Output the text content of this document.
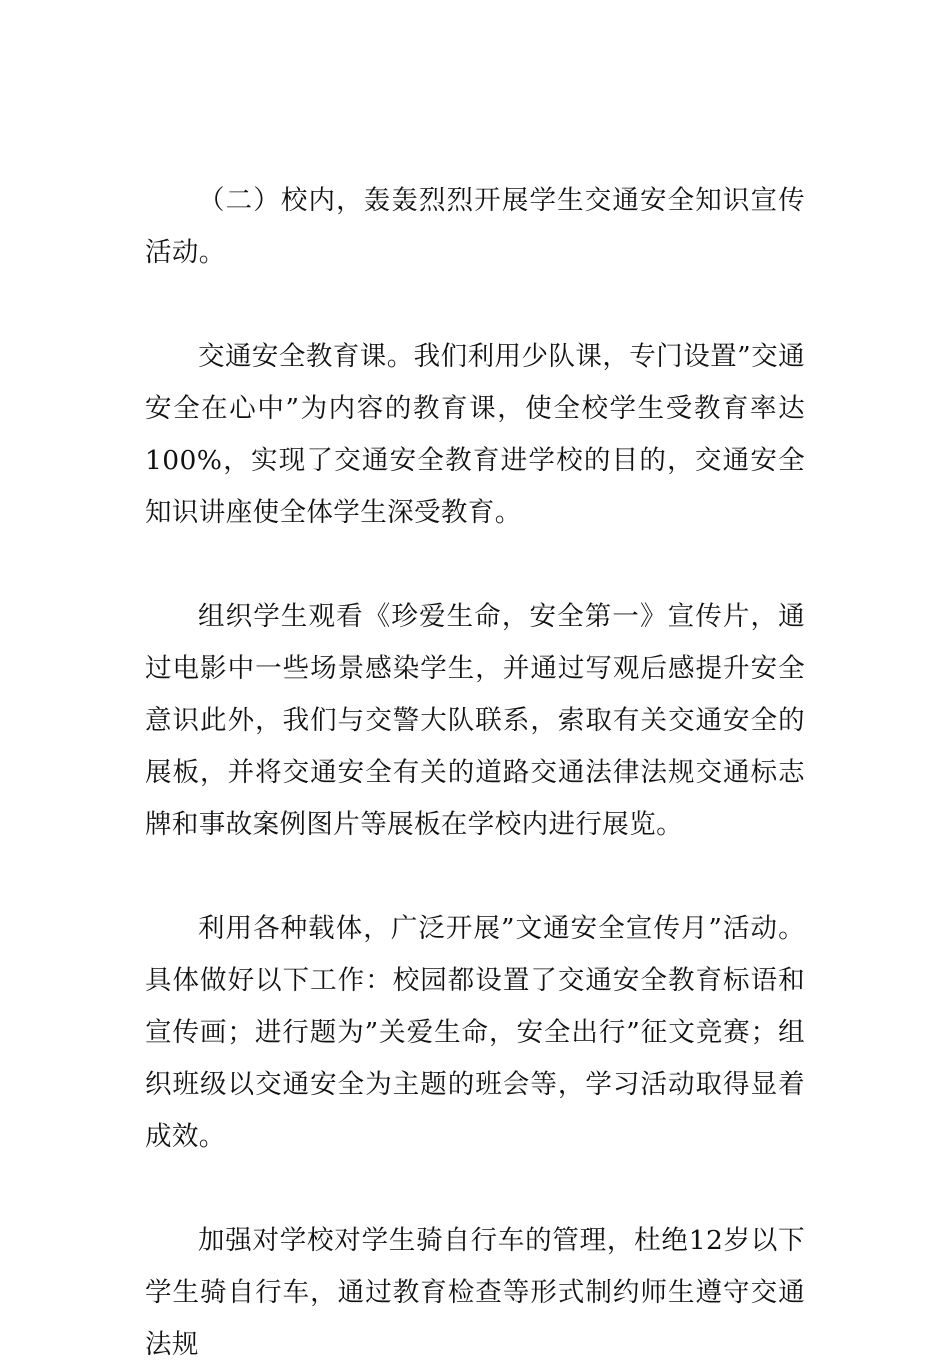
（二）校内，轰轰烈烈开展学生交通安全知识宣传活动。

交通安全教育课。我们利用少队课，专门设置”交通安全在心中”为内容的教育课，使全校学生受教育率达100%，实现了交通安全教育进学校的目的，交通安全知识讲座使全体学生深受教育。

组织学生观看《珍爱生命，安全第一》宣传片，通过电影中一些场景感染学生，并通过写观后感提升安全意识此外，我们与交警大队联系，索取有关交通安全的展板，并将交通安全有关的道路交通法律法规交通标志牌和事故案例图片等展板在学校内进行展览。

利用各种载体，广泛开展”文通安全宣传月”活动。具体做好以下工作：校园都设置了交通安全教育标语和宣传画；进行题为”关爱生命，安全出行”征文竞赛；组织班级以交通安全为主题的班会等，学习活动取得显着成效。

加强对学校对学生骑自行车的管理，杜绝12岁以下学生骑自行车，通过教育检查等形式制约师生遵守交通法规
